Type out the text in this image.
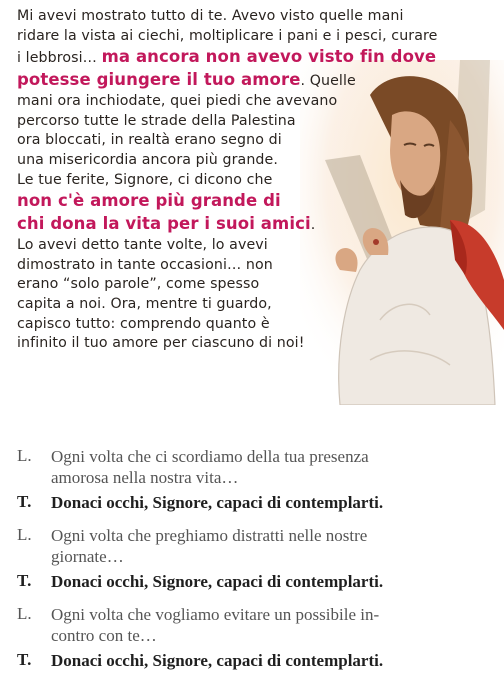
Mi avevi mostrato tutto di te. Avevo visto quelle mani
ridare la vista ai ciechi, moltiplicare i pani e i pesci, curare
i lebbrosi… ma ancora non avevo visto fin dove
potesse giungere il tuo amore. Quelle
mani ora inchiodate, quei piedi che avevano
percorso tutte le strade della Palestina
ora bloccati, in realtà erano segno di
una misericordia ancora più grande.
Le tue ferite, Signore, ci dicono che
non c'è amore più grande di
chi dona la vita per i suoi amici.
Lo avevi detto tante volte, lo avevi
dimostrato in tante occasioni… non
erano “solo parole”, come spesso
capita a noi. Ora, mentre ti guardo,
capisco tutto: comprendo quanto è
infinito il tuo amore per ciascuno di noi!
L.	Ogni volta che ci scordiamo della tua presenza
amorosa nella nostra vita…
T.	Donaci occhi, Signore, capaci di contemplarti.
L.	Ogni volta che preghiamo distratti nelle nostre
giornate…
T.	Donaci occhi, Signore, capaci di contemplarti.
L.	Ogni volta che vogliamo evitare un possibile in-
contro con te…
T.	Donaci occhi, Signore, capaci di contemplarti.
